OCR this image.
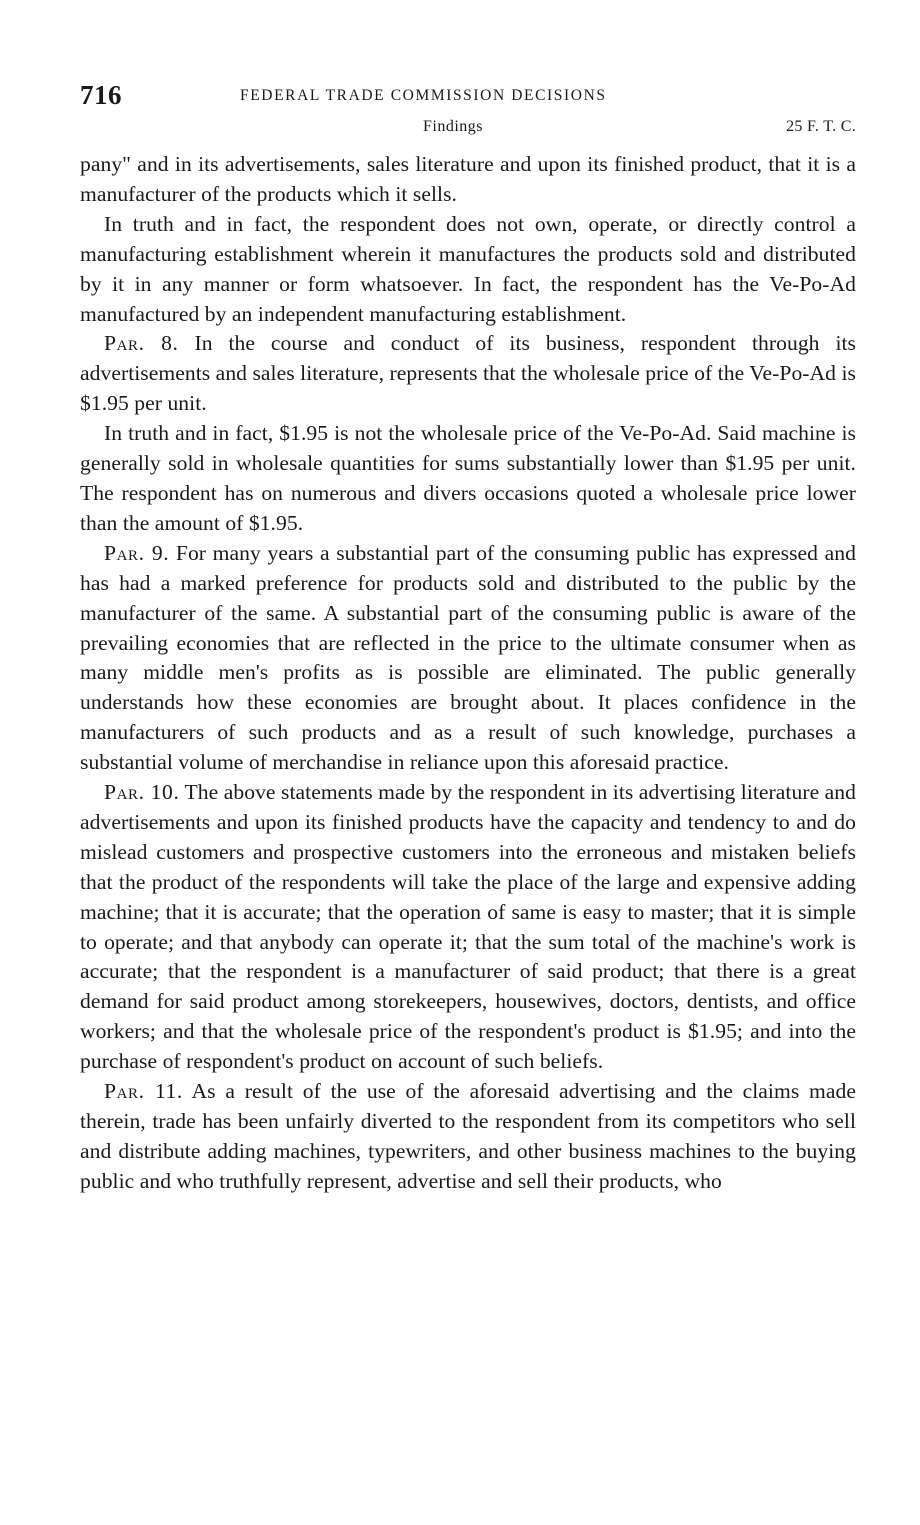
716	FEDERAL TRADE COMMISSION DECISIONS
Findings	25 F. T. C.

pany" and in its advertisements, sales literature and upon its finished product, that it is a manufacturer of the products which it sells.

In truth and in fact, the respondent does not own, operate, or directly control a manufacturing establishment wherein it manufactures the products sold and distributed by it in any manner or form whatsoever. In fact, the respondent has the Ve-Po-Ad manufactured by an independent manufacturing establishment.

Par. 8. In the course and conduct of its business, respondent through its advertisements and sales literature, represents that the wholesale price of the Ve-Po-Ad is $1.95 per unit.

In truth and in fact, $1.95 is not the wholesale price of the Ve-Po-Ad. Said machine is generally sold in wholesale quantities for sums substantially lower than $1.95 per unit. The respondent has on numerous and divers occasions quoted a wholesale price lower than the amount of $1.95.

Par. 9. For many years a substantial part of the consuming public has expressed and has had a marked preference for products sold and distributed to the public by the manufacturer of the same. A substantial part of the consuming public is aware of the prevailing economies that are reflected in the price to the ultimate consumer when as many middle men's profits as is possible are eliminated. The public generally understands how these economies are brought about. It places confidence in the manufacturers of such products and as a result of such knowledge, purchases a substantial volume of merchandise in reliance upon this aforesaid practice.

Par. 10. The above statements made by the respondent in its advertising literature and advertisements and upon its finished products have the capacity and tendency to and do mislead customers and prospective customers into the erroneous and mistaken beliefs that the product of the respondents will take the place of the large and expensive adding machine; that it is accurate; that the operation of same is easy to master; that it is simple to operate; and that anybody can operate it; that the sum total of the machine's work is accurate; that the respondent is a manufacturer of said product; that there is a great demand for said product among storekeepers, housewives, doctors, dentists, and office workers; and that the wholesale price of the respondent's product is $1.95; and into the purchase of respondent's product on account of such beliefs.

Par. 11. As a result of the use of the aforesaid advertising and the claims made therein, trade has been unfairly diverted to the respondent from its competitors who sell and distribute adding machines, typewriters, and other business machines to the buying public and who truthfully represent, advertise and sell their products, who
